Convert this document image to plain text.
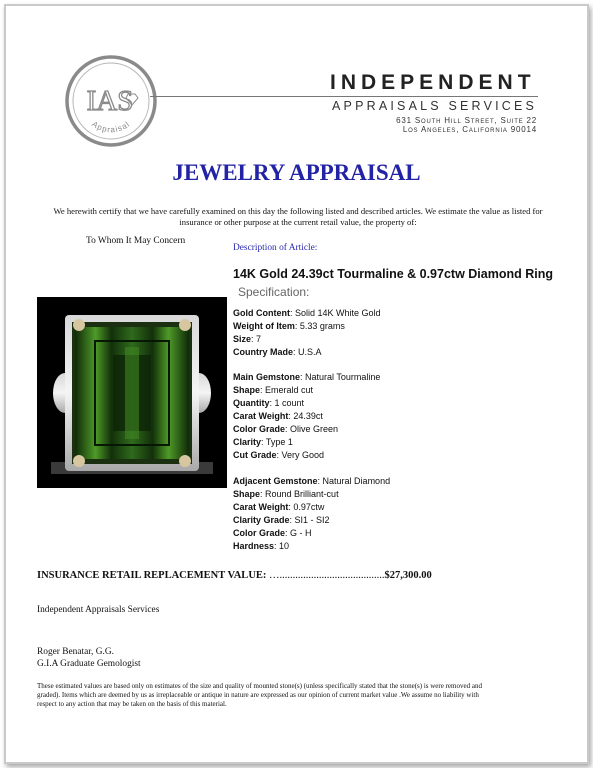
IAS
Appraisal
INDEPENDENT
APPRAISALS SERVICES
631 South Hill Street, Suite 22
Los Angeles, California 90014
JEWELRY APPRAISAL
We herewith certify that we have carefully examined on this day the following listed and described articles. We estimate the value as listed for insurance or other purpose at the current retail value, the property of:
To Whom It May Concern
Description of Article:
14K Gold 24.39ct Tourmaline & 0.97ctw Diamond Ring
Specification:
Gold Content: Solid 14K White Gold
Weight of Item: 5.33 grams
Size: 7
Country Made: U.S.A
Main Gemstone: Natural Tourmaline
Shape: Emerald cut
Quantity: 1 count
Carat Weight: 24.39ct
Color Grade: Olive Green
Clarity: Type 1
Cut Grade: Very Good
Adjacent Gemstone: Natural Diamond
Shape: Round Brilliant-cut
Carat Weight: 0.97ctw
Clarity Grade: SI1 - SI2
Color Grade: G - H
Hardness: 10
INSURANCE RETAIL REPLACEMENT VALUE: …........................................$27,300.00
Independent Appraisals Services
Roger Benatar, G.G.
G.I.A Graduate Gemologist
These estimated values are based only on estimates of the size and quality of mounted stone(s) (unless specifically stated that the stone(s) is were removed and graded). Items which are deemed by us as irreplaceable or antique in nature are expressed as our opinion of current market value .We assume no liability with respect to any action that may be taken on the basis of this material.
